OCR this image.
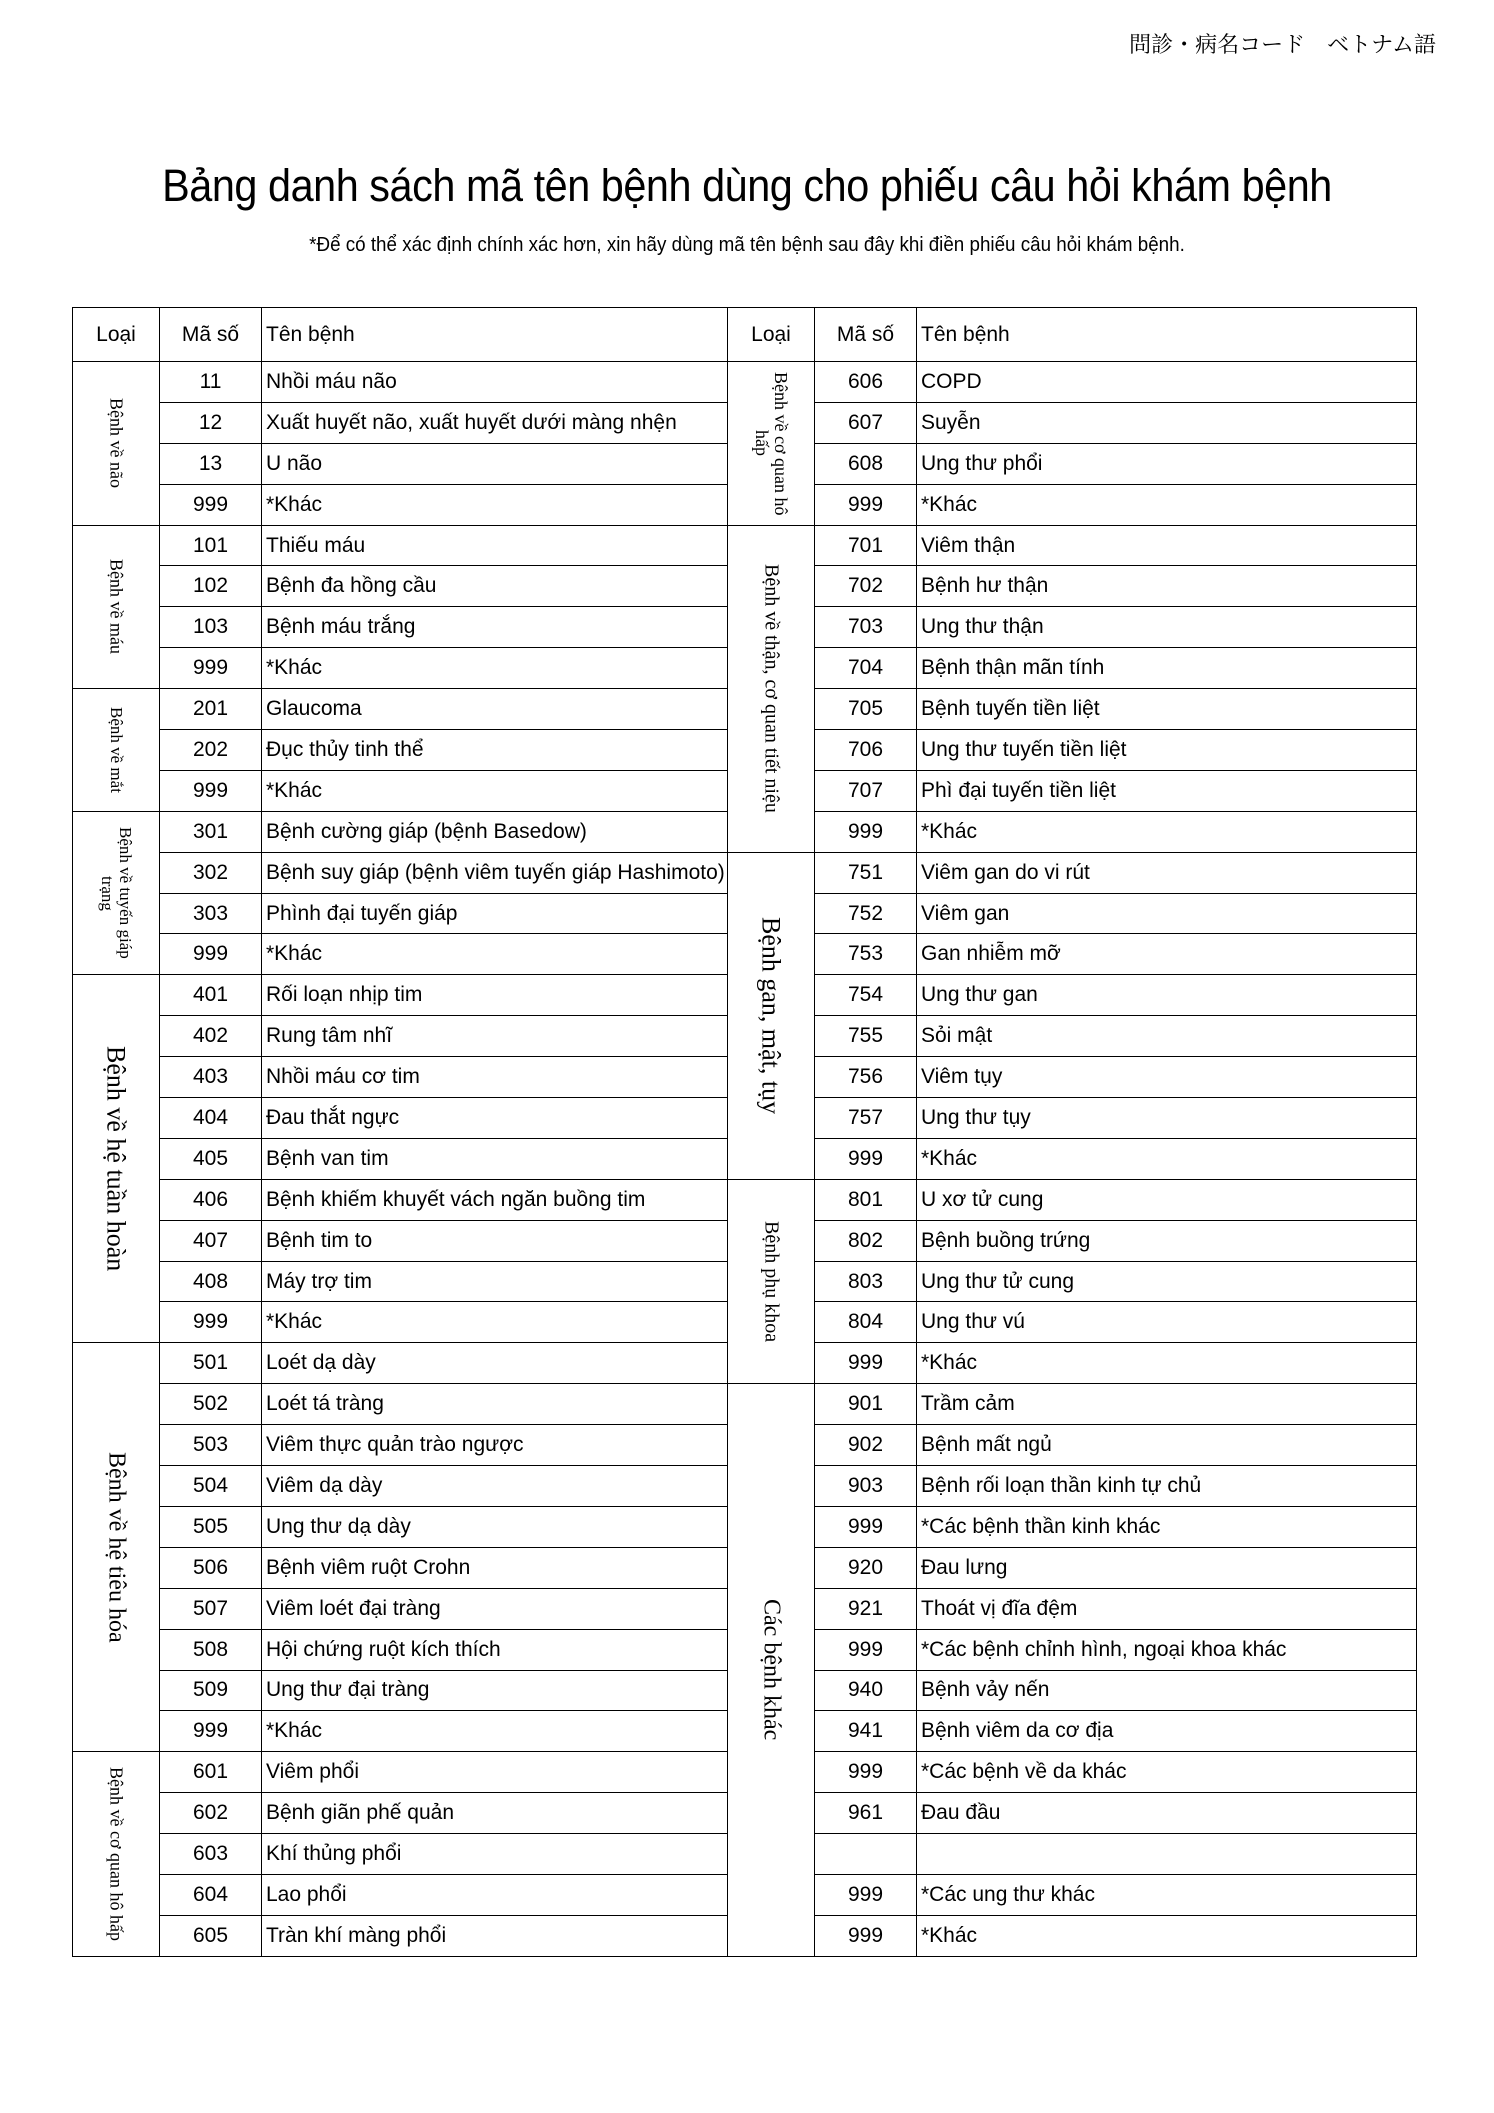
問診・病名コード　ベトナム語
Bảng danh sách mã tên bệnh dùng cho phiếu câu hỏi khám bệnh
*Để có thể xác định chính xác hơn, xin hãy dùng mã tên bệnh sau đây khi điền phiếu câu hỏi khám bệnh.
Loại	Mã số	Tên bệnh	Loại	Mã số	Tên bệnh

Bệnh về não	11	Nhồi máu não	Bệnh về cơ quan hô hấp	606	COPD
	12	Xuất huyết não, xuất huyết dưới màng nhện		607	Suyễn
	13	U não		608	Ung thư phổi
	999	*Khác		999	*Khác

Bệnh về máu	101	Thiếu máu	Bệnh về thận, cơ quan tiết niệu	701	Viêm thận
	102	Bệnh đa hồng cầu		702	Bệnh hư thận
	103	Bệnh máu trắng		703	Ung thư thận
	999	*Khác		704	Bệnh thận mãn tính

Bệnh về mắt	201	Glaucoma		705	Bệnh tuyến tiền liệt
	202	Đục thủy tinh thể		706	Ung thư tuyến tiền liệt
	999	*Khác		707	Phì đại tuyến tiền liệt

Bệnh về tuyến giáp trạng	301	Bệnh cường giáp (bệnh Basedow)		999	*Khác
	302	Bệnh suy giáp (bệnh viêm tuyến giáp Hashimoto)	Bệnh gan, mật, tụy	751	Viêm gan do vi rút
	303	Phình đại tuyến giáp		752	Viêm gan
	999	*Khác		753	Gan nhiễm mỡ

Bệnh về hệ tuần hoàn	401	Rối loạn nhịp tim		754	Ung thư gan
	402	Rung tâm nhĩ		755	Sỏi mật
	403	Nhồi máu cơ tim		756	Viêm tụy
	404	Đau thắt ngực		757	Ung thư tụy
	405	Bệnh van tim		999	*Khác
	406	Bệnh khiếm khuyết vách ngăn buồng tim	Bệnh phụ khoa	801	U xơ tử cung
	407	Bệnh tim to		802	Bệnh buồng trứng
	408	Máy trợ tim		803	Ung thư tử cung
	999	*Khác		804	Ung thư vú

Bệnh về hệ tiêu hóa	501	Loét dạ dày		999	*Khác
	502	Loét tá tràng	Các bệnh khác	901	Trầm cảm
	503	Viêm thực quản trào ngược		902	Bệnh mất ngủ
	504	Viêm dạ dày		903	Bệnh rối loạn thần kinh tự chủ
	505	Ung thư dạ dày		999	*Các bệnh thần kinh khác
	506	Bệnh viêm ruột Crohn		920	Đau lưng
	507	Viêm loét đại tràng		921	Thoát vị đĩa đệm
	508	Hội chứng ruột kích thích		999	*Các bệnh chỉnh hình, ngoại khoa khác
	509	Ung thư đại tràng		940	Bệnh vảy nến
	999	*Khác		941	Bệnh viêm da cơ địa

Bệnh về cơ quan hô hấp	601	Viêm phổi		999	*Các bệnh về da khác
	602	Bệnh giãn phế quản		961	Đau đầu
	603	Khí thủng phổi			
	604	Lao phổi		999	*Các ung thư khác
	605	Tràn khí màng phổi		999	*Khác
